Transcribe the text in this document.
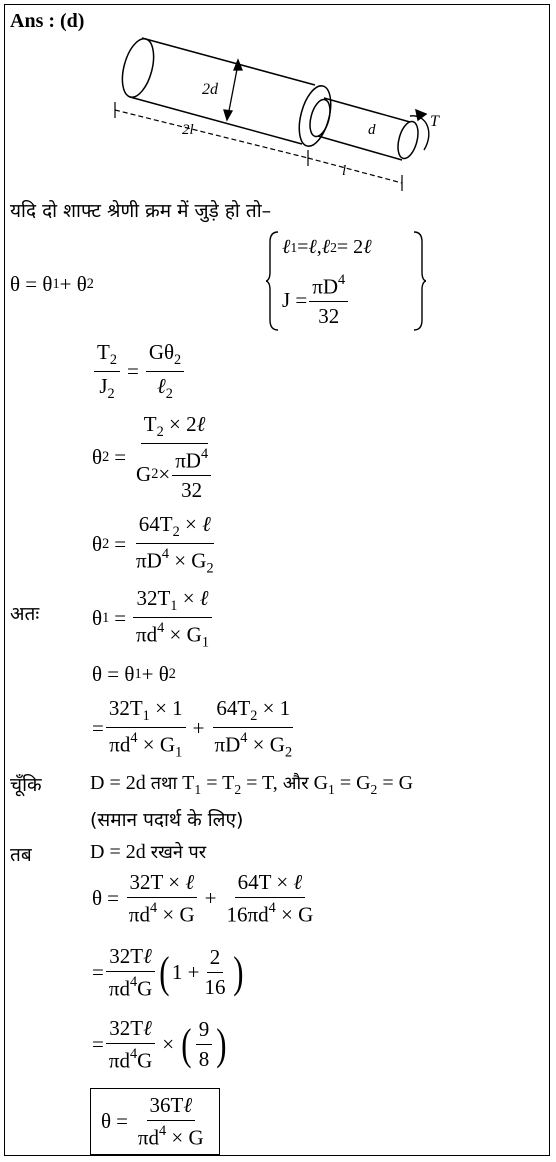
Ans : (d)
2d
d	T
2l
l
यदि दो शाफ्ट श्रेणी क्रम में जुड़े हो तो–
θ = θ 1 + θ 2
ℓ 1 = ℓ , ℓ 2 = 2 ℓ
$J = \frac{\pi D^4}{32}$
$\frac{T_2}{J_2} = \frac{G\theta_2}{\ell_2}$
θ $2 = \frac{T_2 \times 2\ell}{G 2 \times \frac{\pi D^4}{32}}$
θ $2 = \frac{64T_2 \times \ell}{\pi D^4 \times G_2}$
अतः	θ $1 = \frac{32T_1 \times \ell}{\pi d^4 \times G_1}$
θ = θ 1 + θ 2
= $\frac{32T_1 \times 1}{\pi d^4 \times G_1} + \frac{64T_2 \times 1}{\pi D^4 \times G_2}$
चूँकि D = 2d तथा $T_1 = T_2 = T$, और $G_1 = G_2 = G$
(समान पदार्थ के लिए)
तब	D = 2d रखने पर
$\theta = \frac{\text{32T × ℓ}}{\pi d^4 \times G} + \frac{\text{64T × ℓ}}{16\pi d^4 \times G}$
= $\frac{\text{32Tℓ}}{\pi d^4G}$ ( $1 + \frac{2}{16}$ )
= $\frac{\text{32Tℓ}}{\pi d^4G}$ × ( $\frac{9}{8}$ )
$\theta = \frac{\text{36Tℓ}}{\pi d^4 \times G}$
